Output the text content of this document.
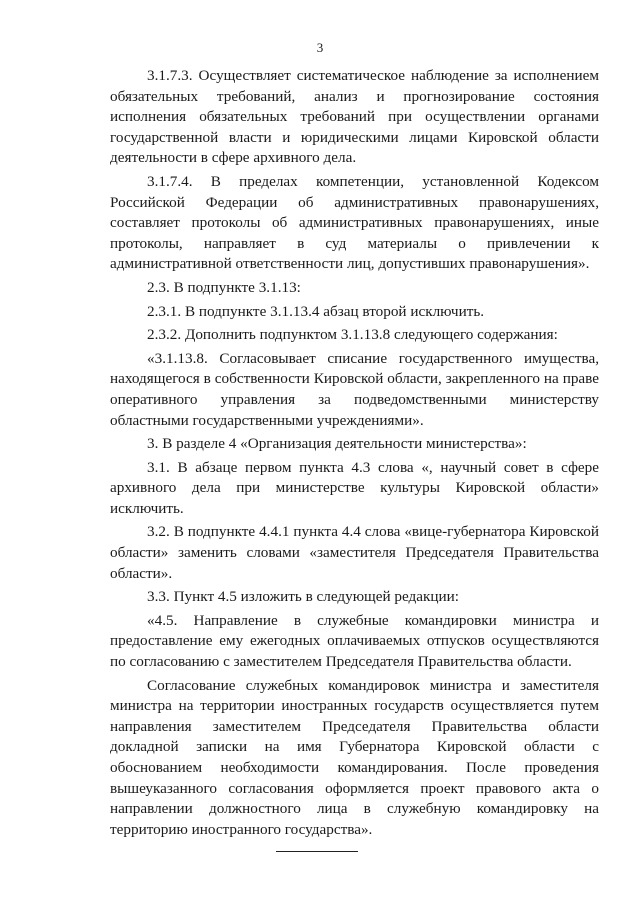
3

3.1.7.3. Осуществляет систематическое наблюдение за исполнением обязательных требований, анализ и прогнозирование состояния исполнения обязательных требований при осуществлении органами государственной власти и юридическими лицами Кировской области деятельности в сфере архивного дела.

3.1.7.4. В пределах компетенции, установленной Кодексом Российской Федерации об административных правонарушениях, составляет протоколы об административных правонарушениях, иные протоколы, направляет в суд материалы о привлечении к административной ответственности лиц, допустивших правонарушения».

2.3. В подпункте 3.1.13:

2.3.1. В подпункте 3.1.13.4 абзац второй исключить.

2.3.2. Дополнить подпунктом 3.1.13.8 следующего содержания:

«3.1.13.8. Согласовывает списание государственного имущества, находящегося в собственности Кировской области, закрепленного на праве оперативного управления за подведомственными министерству областными государственными учреждениями».

3. В разделе 4 «Организация деятельности министерства»:

3.1. В абзаце первом пункта 4.3 слова «, научный совет в сфере архивного дела при министерстве культуры Кировской области» исключить.

3.2. В подпункте 4.4.1 пункта 4.4 слова «вице-губернатора Кировской области» заменить словами «заместителя Председателя Правительства области».

3.3. Пункт 4.5 изложить в следующей редакции:

«4.5. Направление в служебные командировки министра и предоставление ему ежегодных оплачиваемых отпусков осуществляются по согласованию с заместителем Председателя Правительства области.

Согласование служебных командировок министра и заместителя министра на территории иностранных государств осуществляется путем направления заместителем Председателя Правительства области докладной записки на имя Губернатора Кировской области с обоснованием необходимости командирования. После проведения вышеуказанного согласования оформляется проект правового акта о направлении должностного лица в служебную командировку на территорию иностранного государства».
